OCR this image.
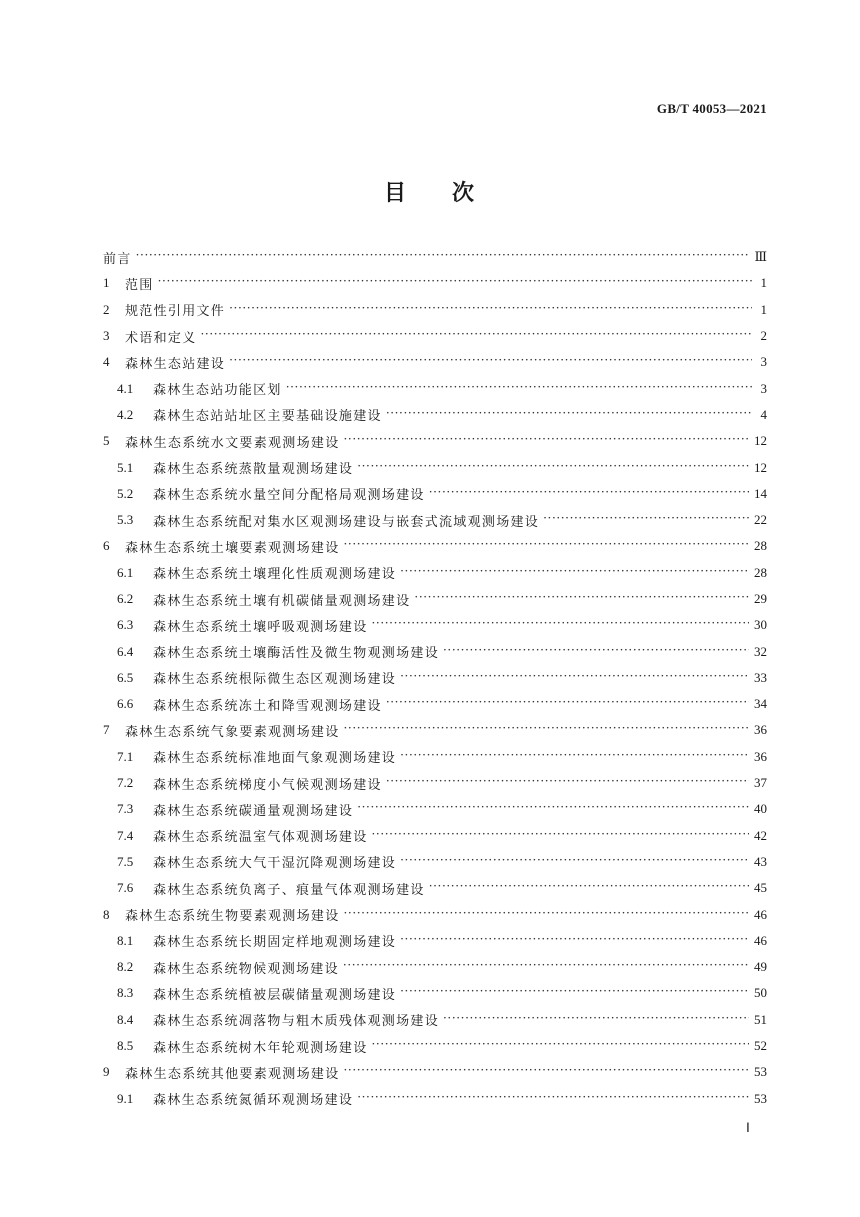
GB/T 40053—2021
目 次
前言 ·····	Ⅲ
1	范围 ·····	1
2	规范性引用文件 ·····	1
3	术语和定义 ·····	2
4	森林生态站建设 ·····	3
4.1	森林生态站功能区划 ·····	3
4.2	森林生态站站址区主要基础设施建设 ·····	4
5	森林生态系统水文要素观测场建设 ·····	12
5.1	森林生态系统蒸散量观测场建设 ·····	12
5.2	森林生态系统水量空间分配格局观测场建设 ·····	14
5.3	森林生态系统配对集水区观测场建设与嵌套式流域观测场建设 ·····	22
6	森林生态系统土壤要素观测场建设 ·····	28
6.1	森林生态系统土壤理化性质观测场建设 ·····	28
6.2	森林生态系统土壤有机碳储量观测场建设 ·····	29
6.3	森林生态系统土壤呼吸观测场建设 ·····	30
6.4	森林生态系统土壤酶活性及微生物观测场建设 ·····	32
6.5	森林生态系统根际微生态区观测场建设 ·····	33
6.6	森林生态系统冻土和降雪观测场建设 ·····	34
7	森林生态系统气象要素观测场建设 ·····	36
7.1	森林生态系统标准地面气象观测场建设 ·····	36
7.2	森林生态系统梯度小气候观测场建设 ·····	37
7.3	森林生态系统碳通量观测场建设 ·····	40
7.4	森林生态系统温室气体观测场建设 ·····	42
7.5	森林生态系统大气干湿沉降观测场建设 ·····	43
7.6	森林生态系统负离子、痕量气体观测场建设 ·····	45
8	森林生态系统生物要素观测场建设 ·····	46
8.1	森林生态系统长期固定样地观测场建设 ·····	46
8.2	森林生态系统物候观测场建设 ·····	49
8.3	森林生态系统植被层碳储量观测场建设 ·····	50
8.4	森林生态系统凋落物与粗木质残体观测场建设 ·····	51
8.5	森林生态系统树木年轮观测场建设 ·····	52
9	森林生态系统其他要素观测场建设 ·····	53
9.1	森林生态系统氮循环观测场建设 ·····	53
Ⅰ
